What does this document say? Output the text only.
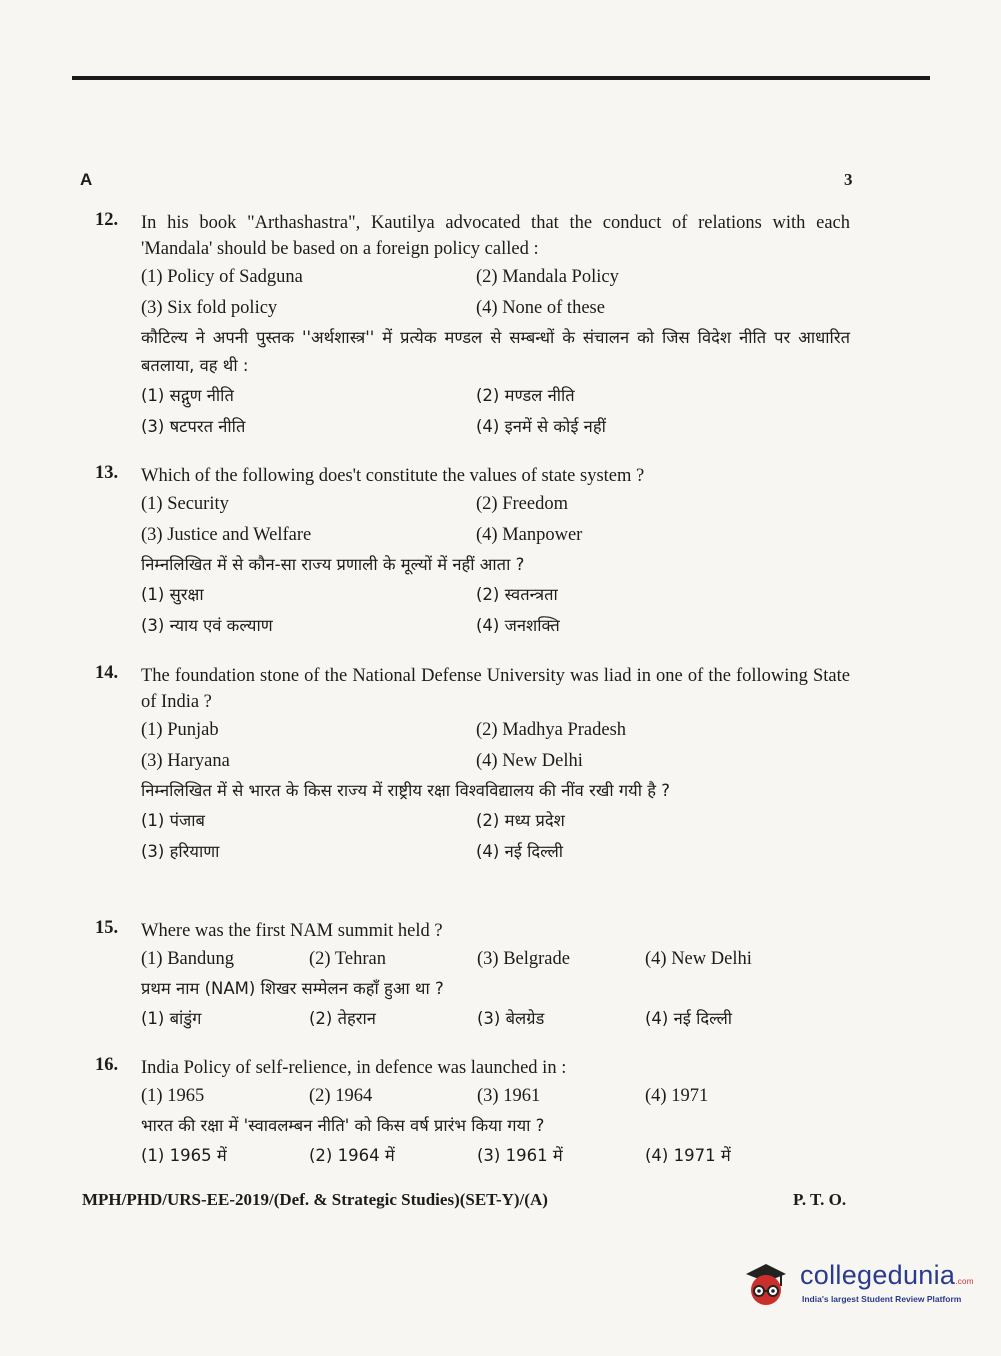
A	3
12. In his book "Arthashastra", Kautilya advocated that the conduct of relations with each 'Mandala' should be based on a foreign policy called :
(1) Policy of Sadguna	(2) Mandala Policy
(3) Six fold policy	(4) None of these
कौटिल्य ने अपनी पुस्तक ''अर्थशास्त्र'' में प्रत्येक मण्डल से सम्बन्धों के संचालन को जिस विदेश नीति पर आधारित बतलाया, वह थी :
(1) सद्गुण नीति	(2) मण्डल नीति
(3) षटपरत नीति	(4) इनमें से कोई नहीं
13. Which of the following does't constitute the values of state system ?
(1) Security	(2) Freedom
(3) Justice and Welfare	(4) Manpower
निम्नलिखित में से कौन-सा राज्य प्रणाली के मूल्यों में नहीं आता ?
(1) सुरक्षा	(2) स्वतन्त्रता
(3) न्याय एवं कल्याण	(4) जनशक्ति
14. The foundation stone of the National Defense University was liad in one of the following State of India ?
(1) Punjab	(2) Madhya Pradesh
(3) Haryana	(4) New Delhi
निम्नलिखित में से भारत के किस राज्य में राष्ट्रीय रक्षा विश्वविद्यालय की नींव रखी गयी है ?
(1) पंजाब	(2) मध्य प्रदेश
(3) हरियाणा	(4) नई दिल्ली
15. Where was the first NAM summit held ?
(1) Bandung	(2) Tehran	(3) Belgrade	(4) New Delhi
प्रथम नाम (NAM) शिखर सम्मेलन कहाँ हुआ था ?
(1) बांडुंग	(2) तेहरान	(3) बेलग्रेड	(4) नई दिल्ली
16. India Policy of self-relience, in defence was launched in :
(1) 1965	(2) 1964	(3) 1961	(4) 1971
भारत की रक्षा में 'स्वावलम्बन नीति' को किस वर्ष प्रारंभ किया गया ?
(1) 1965 में	(2) 1964 में	(3) 1961 में	(4) 1971 में
MPH/PHD/URS-EE-2019/(Def. & Strategic Studies)(SET-Y)/(A)	P. T. O.
collegedunia.com
India's largest Student Review Platform
